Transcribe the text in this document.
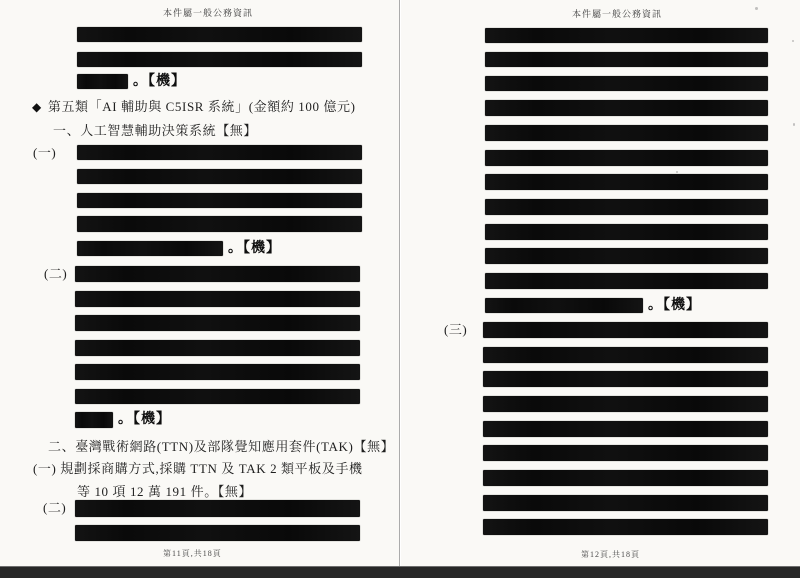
本件屬一般公務資訊
。【機】
◆ 第五類「AI 輔助與 C5ISR 系統」(金額約 100 億元)
一、人工智慧輔助決策系統【無】
(一)
。【機】
(二)
。【機】
二、臺灣戰術網路(TTN)及部隊覺知應用套件(TAK)【無】
(一) 規劃採商購方式,採購 TTN 及 TAK 2 類平板及手機
等 10 項 12 萬 191 件。【無】
(二)
第11頁,共18頁
本件屬一般公務資訊
。【機】
(三)
第12頁,共18頁
